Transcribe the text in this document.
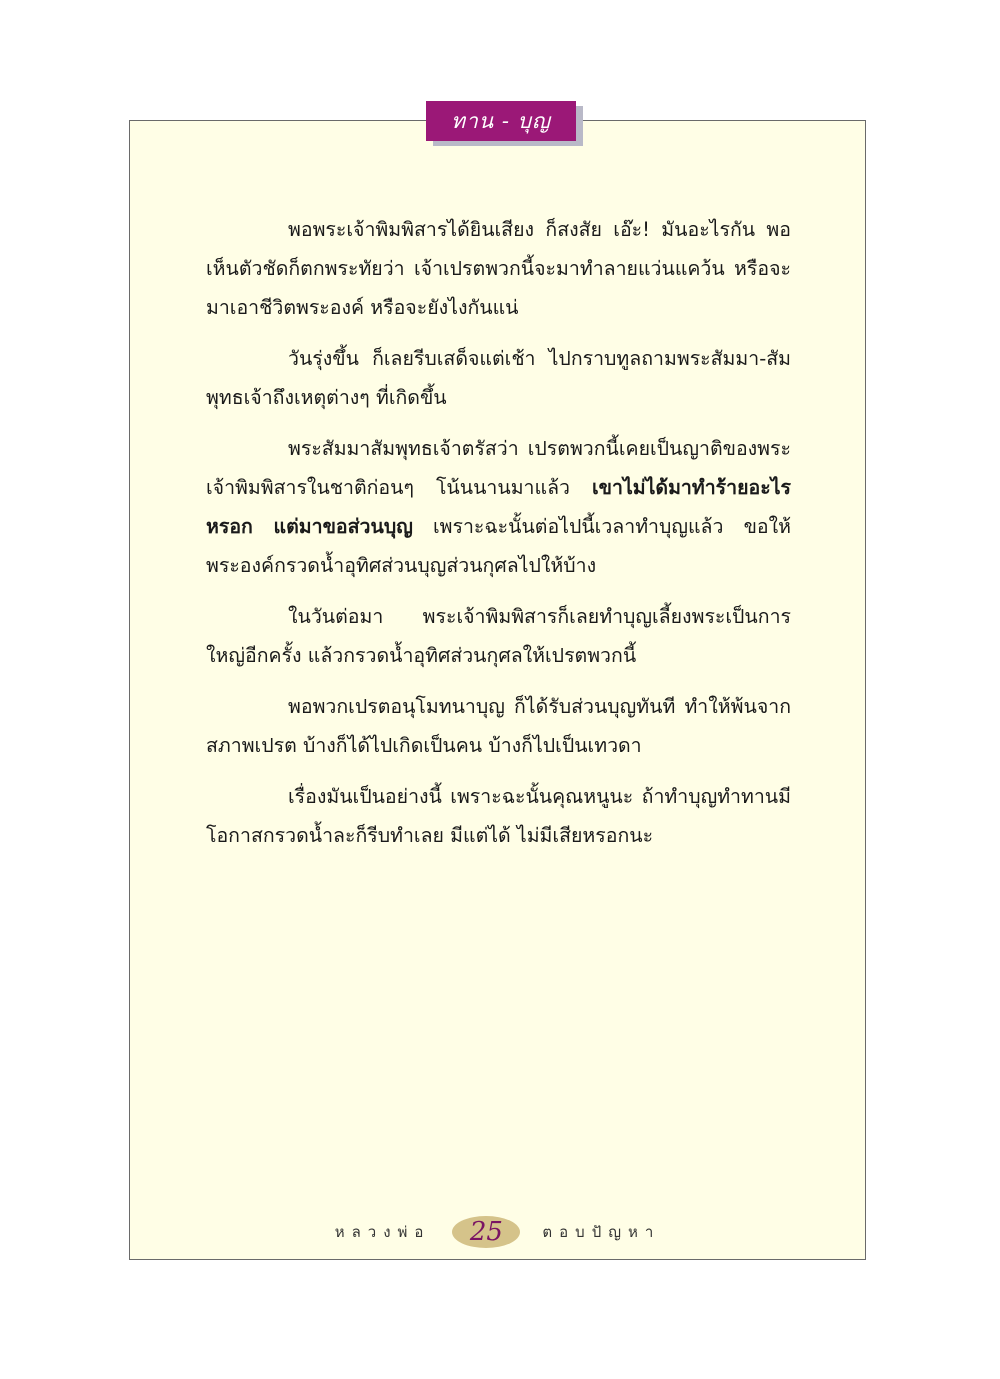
ทาน - บุญ

พอพระเจ้าพิมพิสารได้ยินเสียง ก็สงสัย เอ๊ะ! มันอะไรกัน พอเห็นตัวชัดก็ตกพระทัยว่า เจ้าเปรตพวกนี้จะมาทำลายแว่นแคว้น หรือจะมาเอาชีวิตพระองค์ หรือจะยังไงกันแน่

วันรุ่งขึ้น ก็เลยรีบเสด็จแต่เช้า ไปกราบทูลถามพระสัมมา-สัมพุทธเจ้าถึงเหตุต่างๆ ที่เกิดขึ้น

พระสัมมาสัมพุทธเจ้าตรัสว่า เปรตพวกนี้เคยเป็นญาติของพระเจ้าพิมพิสารในชาติก่อนๆ โน้นนานมาแล้ว เขาไม่ได้มาทำร้ายอะไรหรอก แต่มาขอส่วนบุญ เพราะฉะนั้นต่อไปนี้เวลาทำบุญแล้ว ขอให้พระองค์กรวดน้ำอุทิศส่วนบุญส่วนกุศลไปให้บ้าง

ในวันต่อมา พระเจ้าพิมพิสารก็เลยทำบุญเลี้ยงพระเป็นการใหญ่อีกครั้ง แล้วกรวดน้ำอุทิศส่วนกุศลให้เปรตพวกนี้

พอพวกเปรตอนุโมทนาบุญ ก็ได้รับส่วนบุญทันที ทำให้พ้นจากสภาพเปรต บ้างก็ได้ไปเกิดเป็นคน บ้างก็ไปเป็นเทวดา

เรื่องมันเป็นอย่างนี้ เพราะฉะนั้นคุณหนูนะ ถ้าทำบุญทำทานมีโอกาสกรวดน้ำละก็รีบทำเลย มีแต่ได้ ไม่มีเสียหรอกนะ

หลวงพ่อ	25	ตอบปัญหา
